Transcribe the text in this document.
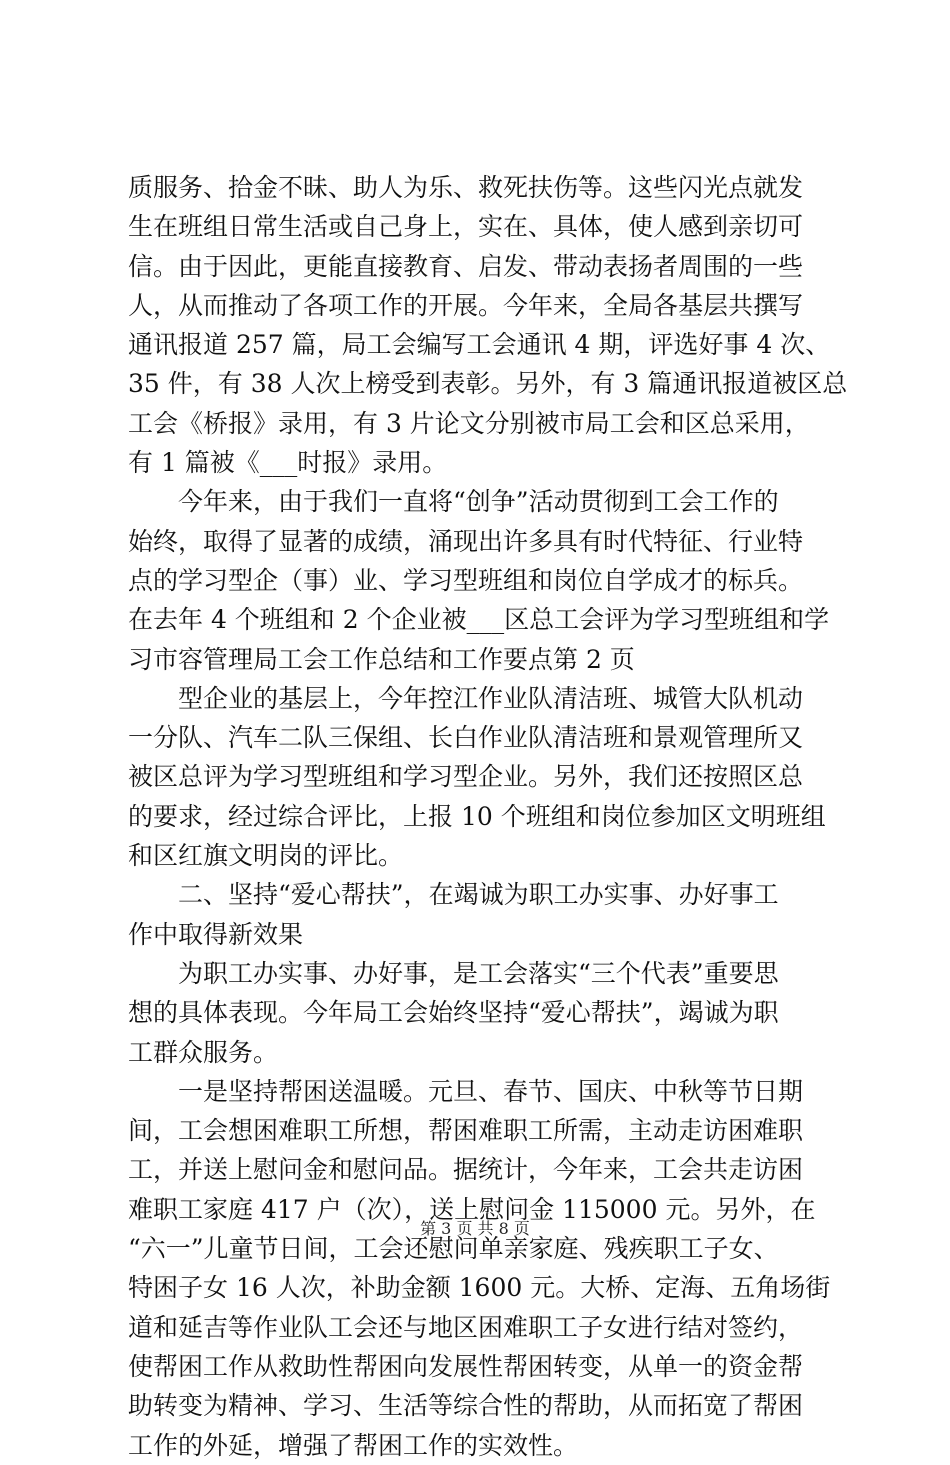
质服务、拾金不昧、助人为乐、救死扶伤等。这些闪光点就发
生在班组日常生活或自己身上，实在、具体，使人感到亲切可
信。由于因此，更能直接教育、启发、带动表扬者周围的一些
人，从而推动了各项工作的开展。今年来，全局各基层共撰写
通讯报道 257 篇，局工会编写工会通讯 4 期，评选好事 4 次、
35 件，有 38 人次上榜受到表彰。另外，有 3 篇通讯报道被区总
工会《桥报》录用，有 3 片论文分别被市局工会和区总采用，
有 1 篇被《___时报》录用。
　　今年来，由于我们一直将“创争”活动贯彻到工会工作的
始终，取得了显著的成绩，涌现出许多具有时代特征、行业特
点的学习型企（事）业、学习型班组和岗位自学成才的标兵。
在去年 4 个班组和 2 个企业被___区总工会评为学习型班组和学
习市容管理局工会工作总结和工作要点第 2 页
　　型企业的基层上，今年控江作业队清洁班、城管大队机动
一分队、汽车二队三保组、长白作业队清洁班和景观管理所又
被区总评为学习型班组和学习型企业。另外，我们还按照区总
的要求，经过综合评比，上报 10 个班组和岗位参加区文明班组
和区红旗文明岗的评比。
　　二、坚持“爱心帮扶”，在竭诚为职工办实事、办好事工
作中取得新效果
　　为职工办实事、办好事，是工会落实“三个代表”重要思
想的具体表现。今年局工会始终坚持“爱心帮扶”，竭诚为职
工群众服务。
　　一是坚持帮困送温暖。元旦、春节、国庆、中秋等节日期
间，工会想困难职工所想，帮困难职工所需，主动走访困难职
工，并送上慰问金和慰问品。据统计，今年来，工会共走访困
难职工家庭 417 户（次），送上慰问金 115000 元。另外，在
“六一”儿童节日间，工会还慰问单亲家庭、残疾职工子女、
特困子女 16 人次，补助金额 1600 元。大桥、定海、五角场街
道和延吉等作业队工会还与地区困难职工子女进行结对签约，
使帮困工作从救助性帮困向发展性帮困转变，从单一的资金帮
助转变为精神、学习、生活等综合性的帮助，从而拓宽了帮困
工作的外延，增强了帮困工作的实效性。
第 3 页 共 8 页
